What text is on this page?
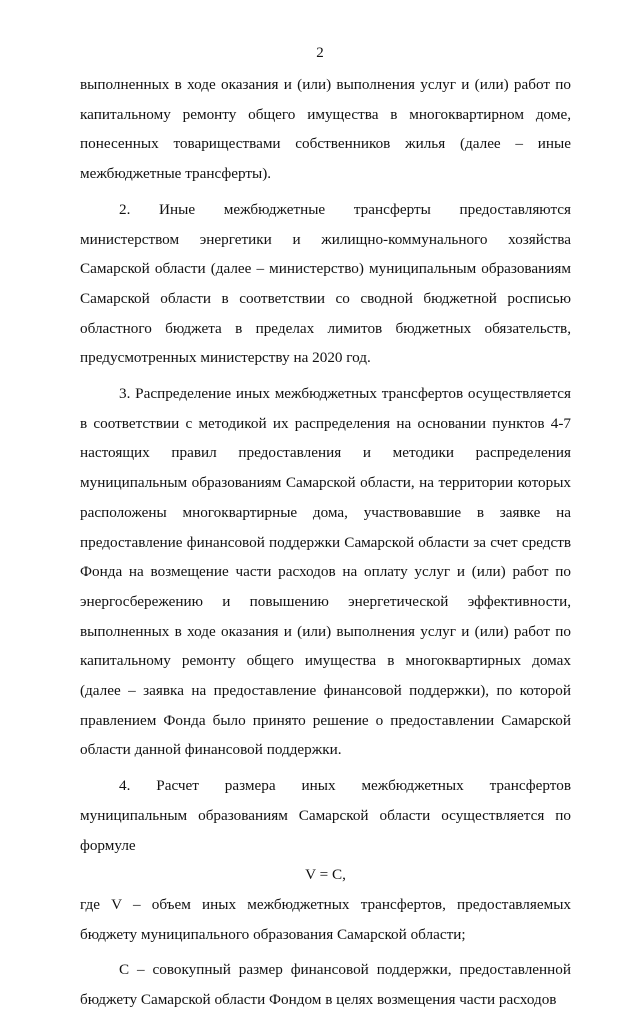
2

выполненных в ходе оказания и (или) выполнения услуг и (или) работ по капитальному ремонту общего имущества в многоквартирном доме, понесенных товариществами собственников жилья (далее – иные межбюджетные трансферты).

2. Иные межбюджетные трансферты предоставляются министерством энергетики и жилищно-коммунального хозяйства Самарской области (далее – министерство) муниципальным образованиям Самарской области в соответствии со сводной бюджетной росписью областного бюджета в пределах лимитов бюджетных обязательств, предусмотренных министерству на 2020 год.

3. Распределение иных межбюджетных трансфертов осуществляется в соответствии с методикой их распределения на основании пунктов 4-7 настоящих правил предоставления и методики распределения муниципальным образованиям Самарской области, на территории которых расположены многоквартирные дома, участвовавшие в заявке на предоставление финансовой поддержки Самарской области за счет средств Фонда на возмещение части расходов на оплату услуг и (или) работ по энергосбережению и повышению энергетической эффективности, выполненных в ходе оказания и (или) выполнения услуг и (или) работ по капитальному ремонту общего имущества в многоквартирных домах (далее – заявка на предоставление финансовой поддержки), по которой правлением Фонда было принято решение о предоставлении Самарской области данной финансовой поддержки.

4. Расчет размера иных межбюджетных трансфертов муниципальным образованиям Самарской области осуществляется по формуле

V = C,

где V – объем иных межбюджетных трансфертов, предоставляемых бюджету муниципального образования Самарской области;

C – совокупный размер финансовой поддержки, предоставленной бюджету Самарской области Фондом в целях возмещения части расходов
